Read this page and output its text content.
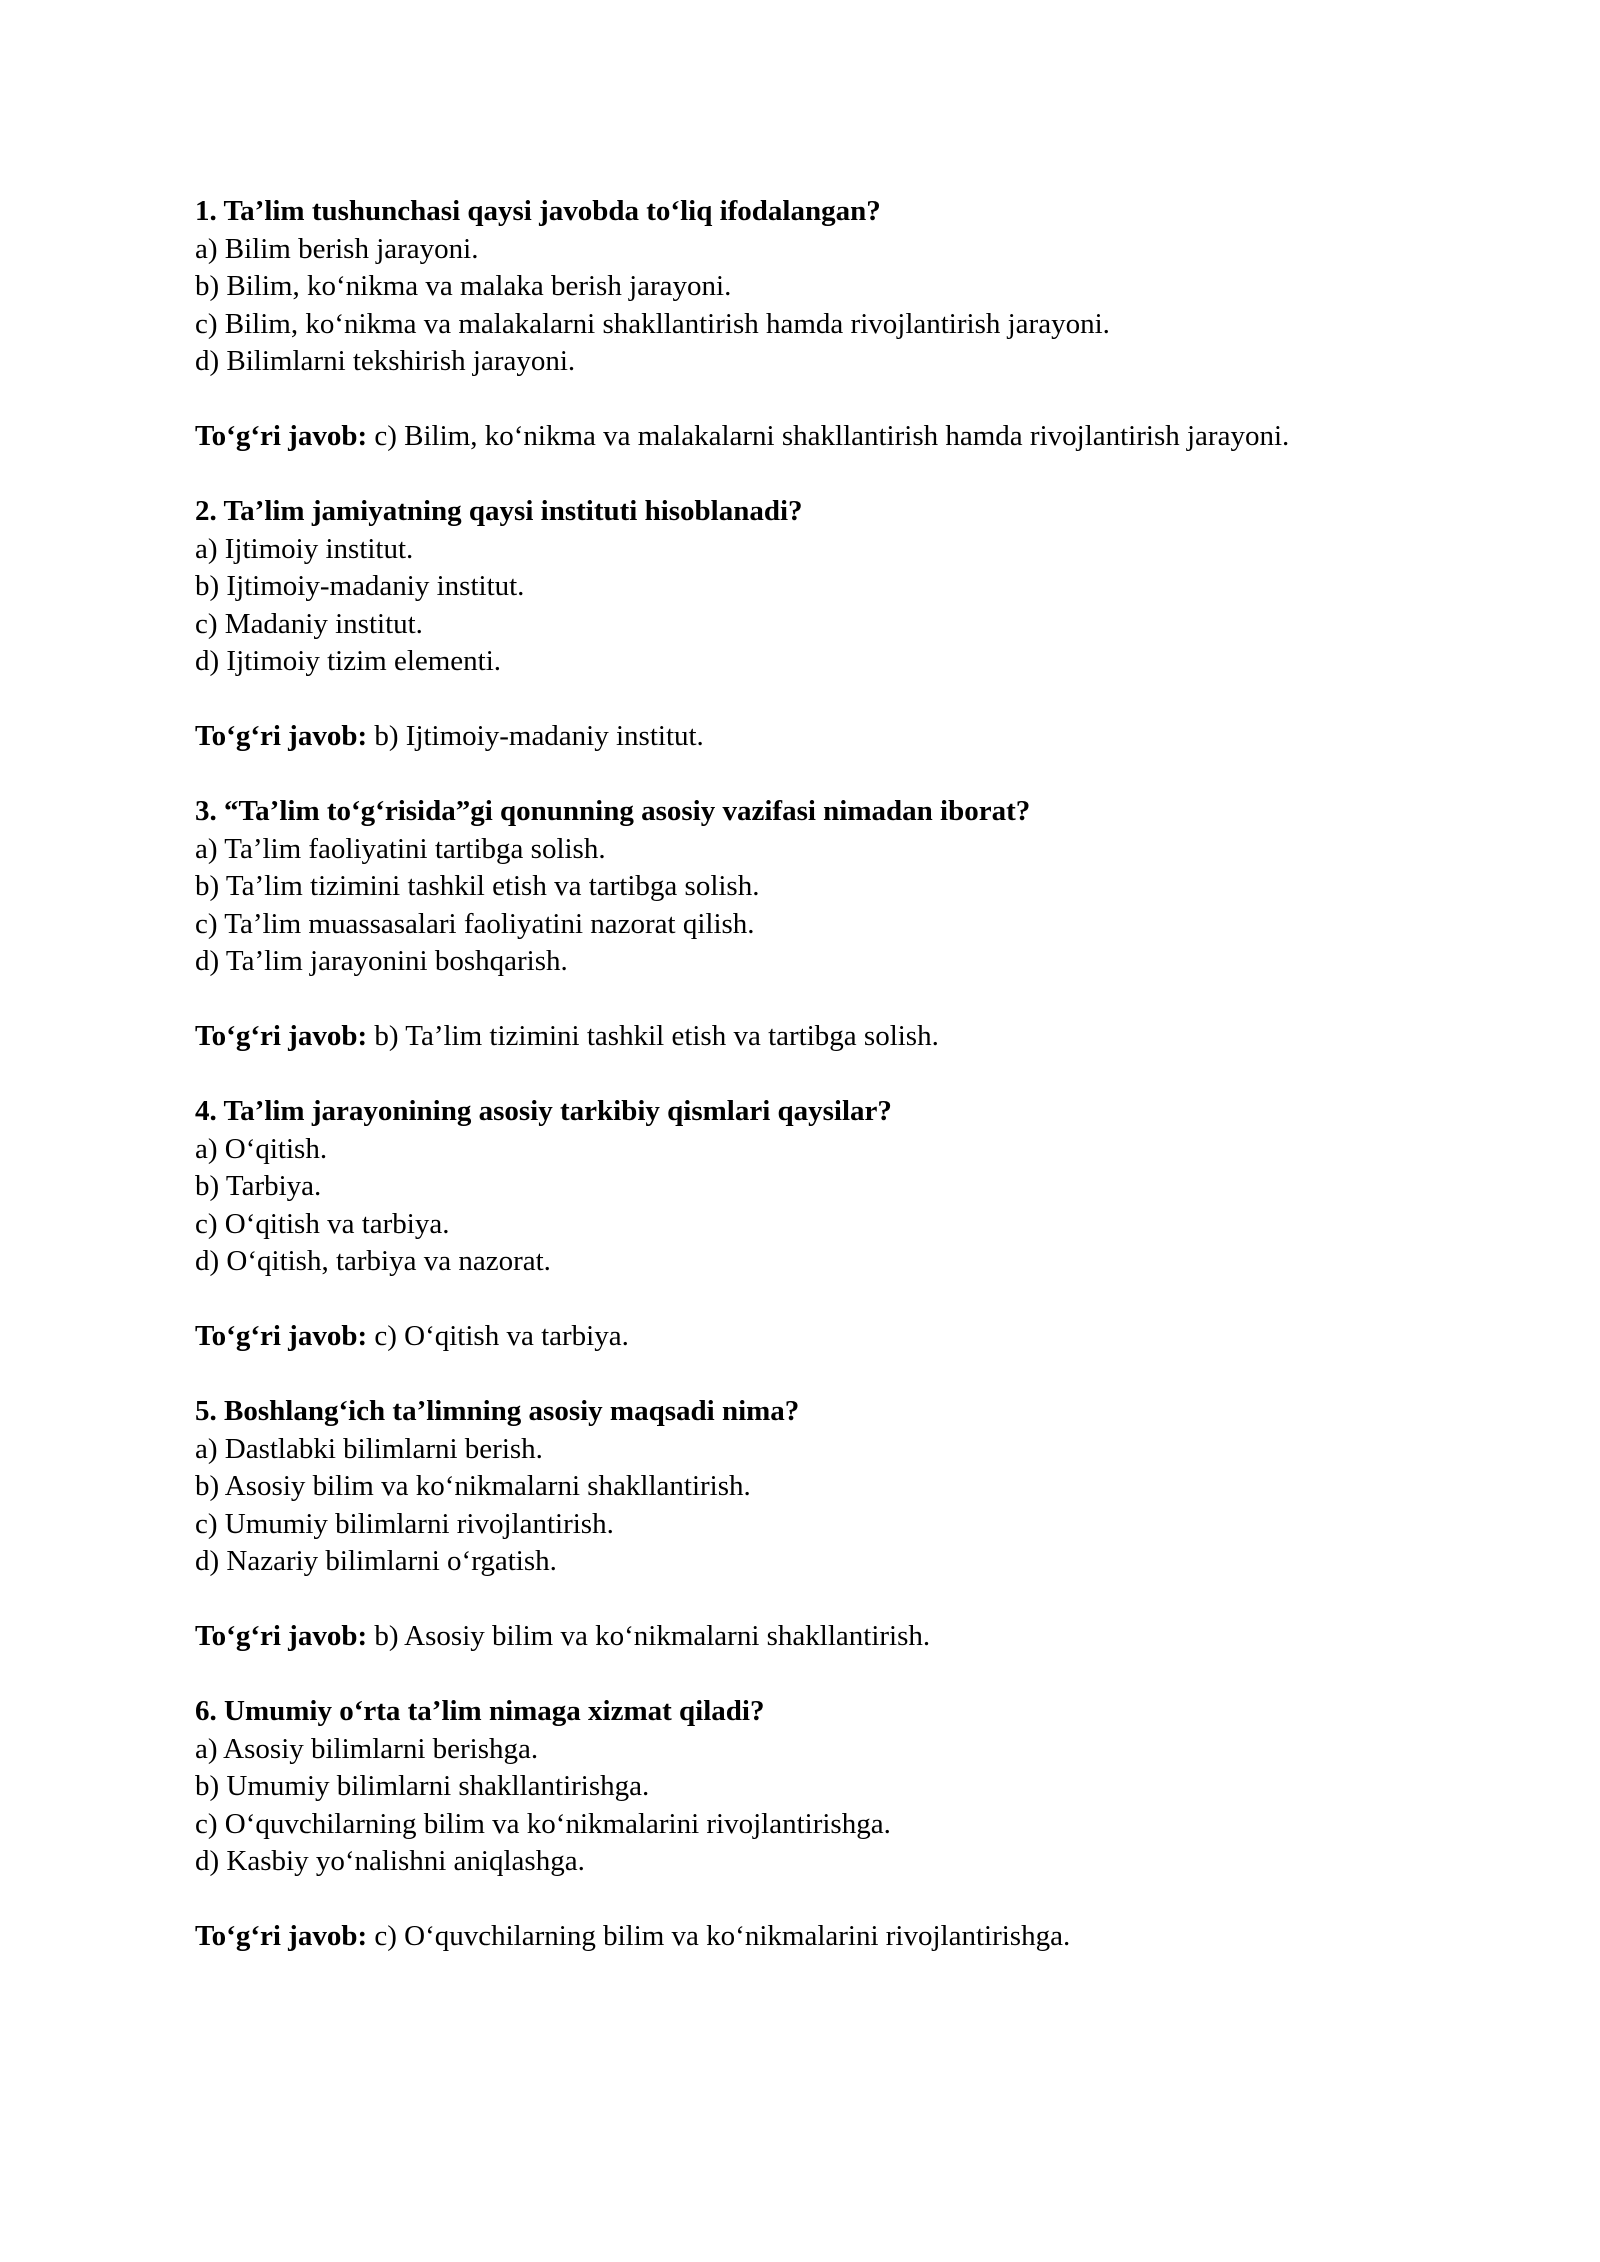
1. Ta’lim tushunchasi qaysi javobda to‘liq ifodalangan?
a) Bilim berish jarayoni.
b) Bilim, ko‘nikma va malaka berish jarayoni.
c) Bilim, ko‘nikma va malakalarni shakllantirish hamda rivojlantirish jarayoni.
d) Bilimlarni tekshirish jarayoni.
To‘g‘ri javob: c) Bilim, ko‘nikma va malakalarni shakllantirish hamda rivojlantirish jarayoni.
2. Ta’lim jamiyatning qaysi instituti hisoblanadi?
a) Ijtimoiy institut.
b) Ijtimoiy-madaniy institut.
c) Madaniy institut.
d) Ijtimoiy tizim elementi.
To‘g‘ri javob: b) Ijtimoiy-madaniy institut.
3. “Ta’lim to‘g‘risida”gi qonunning asosiy vazifasi nimadan iborat?
a) Ta’lim faoliyatini tartibga solish.
b) Ta’lim tizimini tashkil etish va tartibga solish.
c) Ta’lim muassasalari faoliyatini nazorat qilish.
d) Ta’lim jarayonini boshqarish.
To‘g‘ri javob: b) Ta’lim tizimini tashkil etish va tartibga solish.
4. Ta’lim jarayonining asosiy tarkibiy qismlari qaysilar?
a) O‘qitish.
b) Tarbiya.
c) O‘qitish va tarbiya.
d) O‘qitish, tarbiya va nazorat.
To‘g‘ri javob: c) O‘qitish va tarbiya.
5. Boshlang‘ich ta’limning asosiy maqsadi nima?
a) Dastlabki bilimlarni berish.
b) Asosiy bilim va ko‘nikmalarni shakllantirish.
c) Umumiy bilimlarni rivojlantirish.
d) Nazariy bilimlarni o‘rgatish.
To‘g‘ri javob: b) Asosiy bilim va ko‘nikmalarni shakllantirish.
6. Umumiy o‘rta ta’lim nimaga xizmat qiladi?
a) Asosiy bilimlarni berishga.
b) Umumiy bilimlarni shakllantirishga.
c) O‘quvchilarning bilim va ko‘nikmalarini rivojlantirishga.
d) Kasbiy yo‘nalishni aniqlashga.
To‘g‘ri javob: c) O‘quvchilarning bilim va ko‘nikmalarini rivojlantirishga.
